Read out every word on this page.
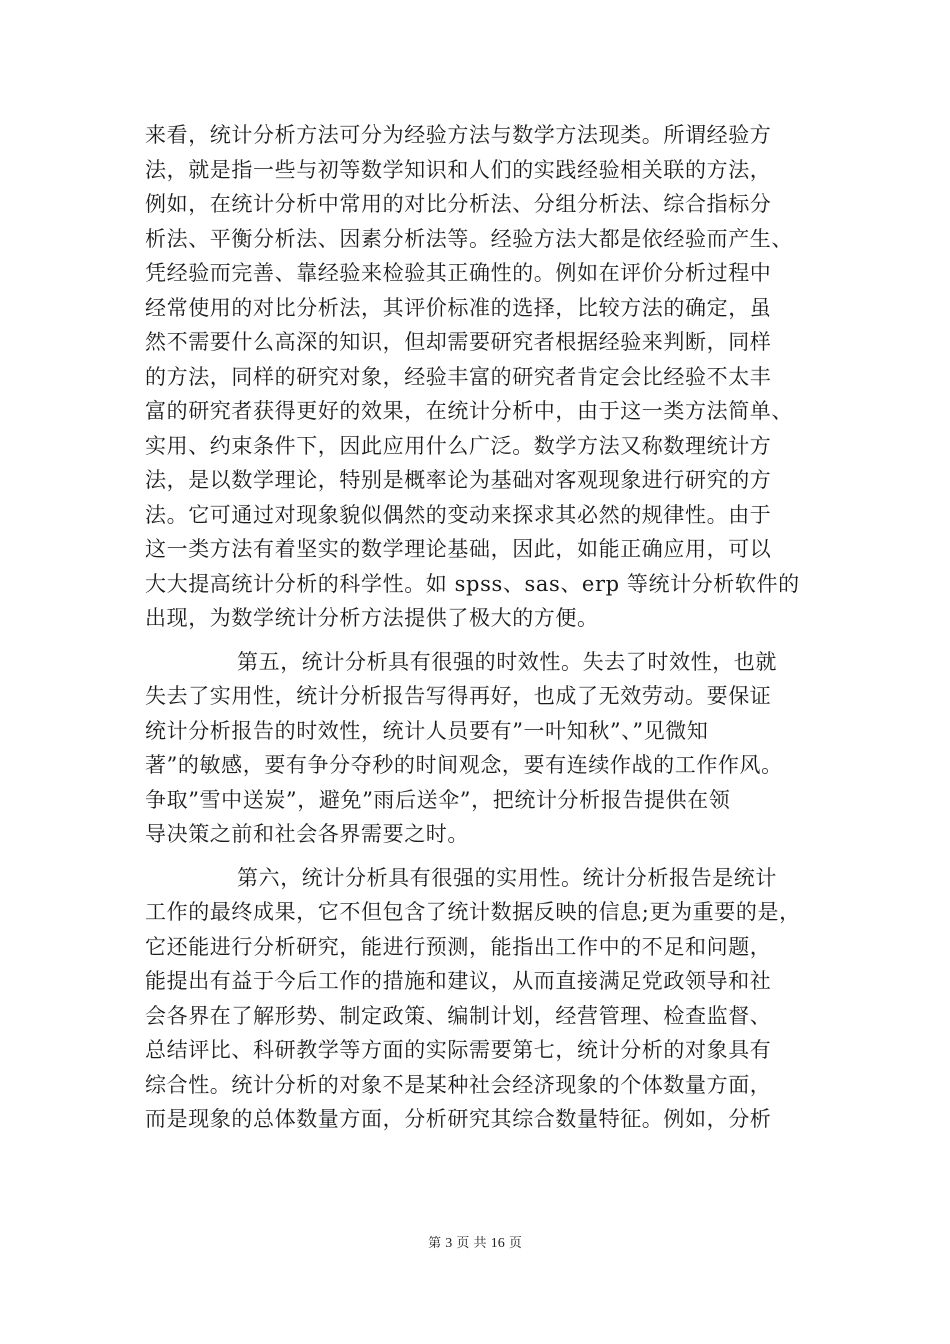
来看，统计分析方法可分为经验方法与数学方法现类。所谓经验方
法，就是指一些与初等数学知识和人们的实践经验相关联的方法，
例如，在统计分析中常用的对比分析法、分组分析法、综合指标分
析法、平衡分析法、因素分析法等。经验方法大都是依经验而产生、
凭经验而完善、靠经验来检验其正确性的。例如在评价分析过程中
经常使用的对比分析法，其评价标准的选择，比较方法的确定，虽
然不需要什么高深的知识，但却需要研究者根据经验来判断，同样
的方法，同样的研究对象，经验丰富的研究者肯定会比经验不太丰
富的研究者获得更好的效果，在统计分析中，由于这一类方法简单、
实用、约束条件下，因此应用什么广泛。数学方法又称数理统计方
法，是以数学理论，特别是概率论为基础对客观现象进行研究的方
法。它可通过对现象貌似偶然的变动来探求其必然的规律性。由于
这一类方法有着坚实的数学理论基础，因此，如能正确应用，可以
大大提高统计分析的科学性。如 spss、sas、erp 等统计分析软件的
出现，为数学统计分析方法提供了极大的方便。
第五，统计分析具有很强的时效性。失去了时效性，也就
失去了实用性，统计分析报告写得再好，也成了无效劳动。要保证
统计分析报告的时效性，统计人员要有”一叶知秋”、”见微知
著”的敏感，要有争分夺秒的时间观念，要有连续作战的工作作风。
争取”雪中送炭”，避免”雨后送伞”，把统计分析报告提供在领
导决策之前和社会各界需要之时。
第六，统计分析具有很强的实用性。统计分析报告是统计
工作的最终成果，它不但包含了统计数据反映的信息;更为重要的是，
它还能进行分析研究，能进行预测，能指出工作中的不足和问题，
能提出有益于今后工作的措施和建议，从而直接满足党政领导和社
会各界在了解形势、制定政策、编制计划，经营管理、检查监督、
总结评比、科研教学等方面的实际需要第七，统计分析的对象具有
综合性。统计分析的对象不是某种社会经济现象的个体数量方面，
而是现象的总体数量方面，分析研究其综合数量特征。例如，分析
第 3 页 共 16 页
